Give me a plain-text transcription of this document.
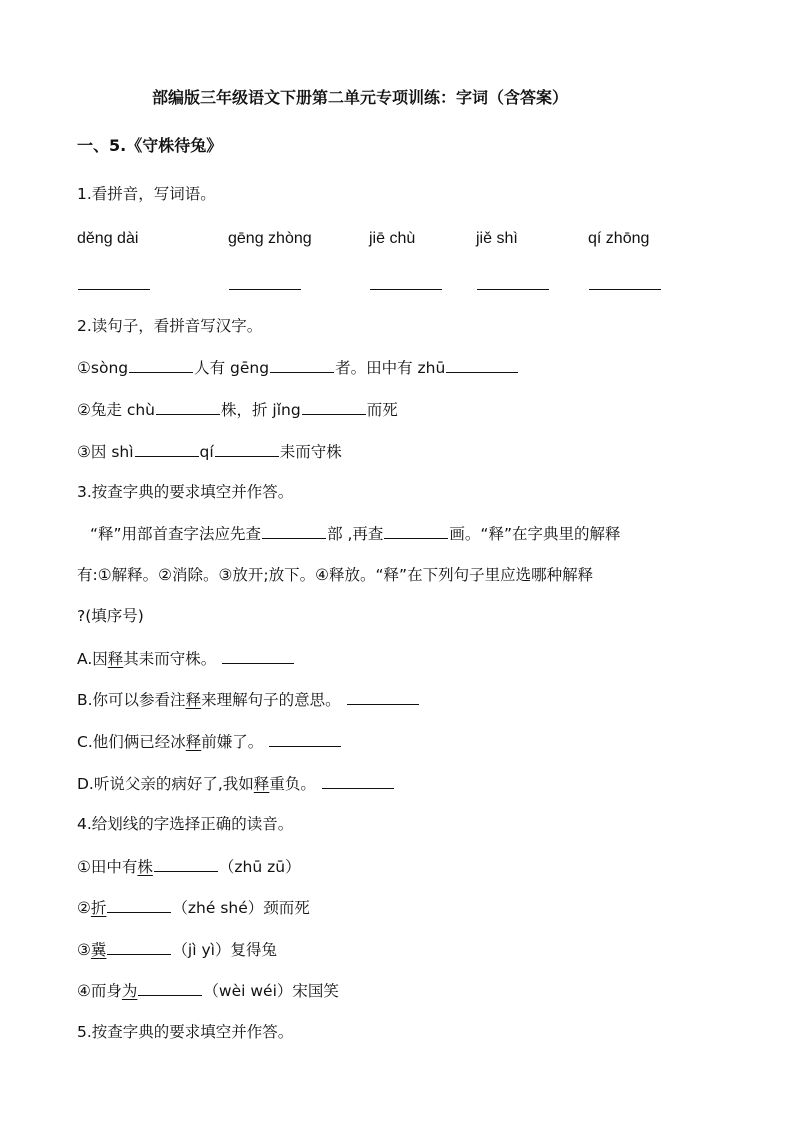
部编版三年级语文下册第二单元专项训练：字词（含答案）
一、5.《守株待兔》
1.看拼音，写词语。
děng dài	gēng zhòng	jiē chù	jiě shì	qí zhōng
2.读句子，看拼音写汉字。
①sòng	人有 gēng	者。田中有 zhū
②兔走 chù	株，折 jǐng	而死
③因 shì	qí	耒而守株
3.按查字典的要求填空并作答。
“释”用部首查字法应先查	部 ,再查	画。“释”在字典里的解释
有:①解释。②消除。③放开;放下。④释放。“释”在下列句子里应选哪种解释
?(填序号)
A.因释其耒而守株。
B.你可以参看注释来理解句子的意思。
C.他们俩已经冰释前嫌了。
D.听说父亲的病好了,我如释重负。
4.给划线的字选择正确的读音。
①田中有株	（zhū zū）
②折	（zhé shé）颈而死
③冀	（jì yì）复得兔
④而身为	（wèi wéi）宋国笑
5.按查字典的要求填空并作答。
